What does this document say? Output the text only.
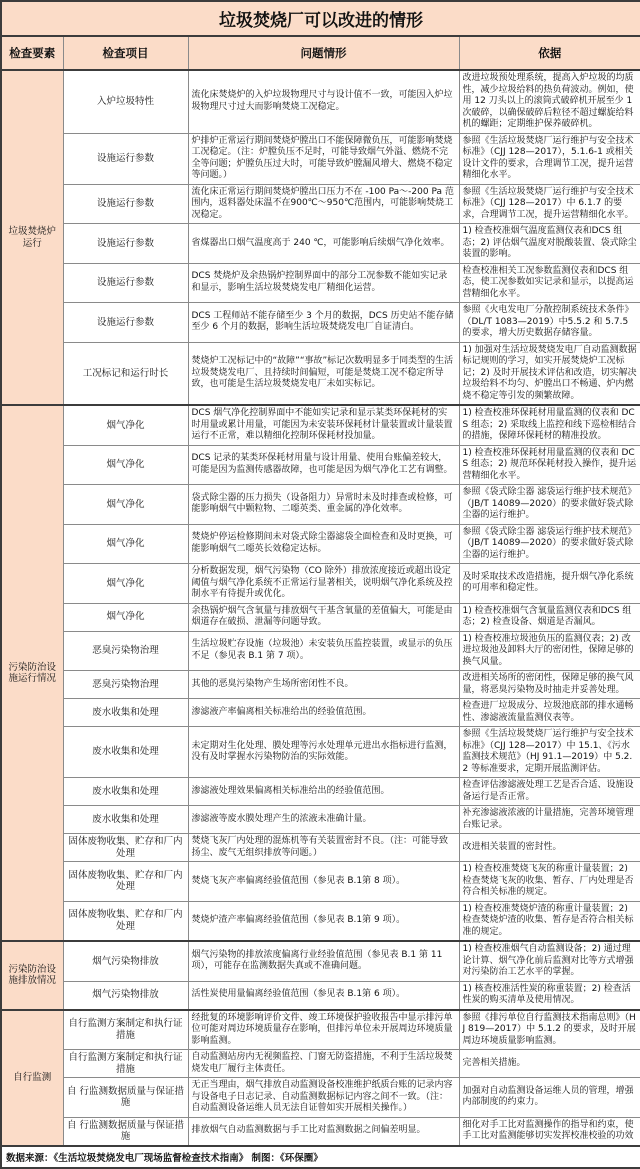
垃圾焚烧厂可以改进的情形			
检查要素	检查项目	问题情形	依据
垃圾焚烧炉运行	入炉垃圾特性	流化床焚烧炉的入炉垃圾物理尺寸与设计值不一致，可能因入炉垃圾物理尺寸过大而影响焚烧工况稳定。	改进垃圾预处理系统，提高入炉垃圾的均质性，减少垃圾给料的热负荷波动。例如，使用 12 刀头以上的滚筒式破碎机开展至少 1 次破碎，以确保破碎后粒径不超过螺旋给料机的螺距；定期维护保养破碎机。
	设施运行参数	炉排炉正常运行期间焚烧炉膛出口不能保障微负压，可能影响焚烧工况稳定。（注：炉膛负压不足时，可能导致烟气外溢、燃烧不完全等问题；炉膛负压过大时，可能导致炉膛漏风增大、燃烧不稳定等问题。）	参照《生活垃圾焚烧厂运行维护与安全技术标准》（CJJ 128—2017），5.1.6-1 或相关设计文件的要求，合理调节工况，提升运营精细化水平。
	设施运行参数	流化床正常运行期间焚烧炉膛出口压力不在 -100 Pa～-200 Pa 范围内，返料器处床温不在900℃～950℃范围内，可能影响焚烧工况稳定。	参照《生活垃圾焚烧厂运行维护与安全技术标准》（CJJ 128—2017）中 6.1.7 的要求，合理调节工况，提升运营精细化水平。
	设施运行参数	省煤器出口烟气温度高于 240 ℃，可能影响后续烟气净化效率。	1) 检查校准烟气温度监测仪表和DCS 组态；2) 评估烟气温度对脱酸装置、袋式除尘装置的影响。
	设施运行参数	DCS 焚烧炉及余热锅炉控制界面中的部分工况参数不能如实记录和显示，影响生活垃圾焚烧发电厂精细化运营。	检查校准相关工况参数监测仪表和DCS 组态，使工况参数如实记录和显示，以提高运营精细化水平。
	设施运行参数	DCS 工程师站不能存储至少 3 个月的数据，DCS 历史站不能存储至少 6 个月的数据，影响生活垃圾焚烧发电厂自证清白。	参照《火电发电厂分散控制系统技术条件》（DL/T 1083—2019）中5.5.2 和 5.7.5 的要求，增大历史数据存储容量。
	工况标记和运行时长	焚烧炉工况标记中的“故障”“事故”标记次数明显多于同类型的生活垃圾焚烧发电厂、且持续时间偏短，可能是焚烧工况不稳定所导致，也可能是生活垃圾焚烧发电厂未如实标记。	1) 加强对生活垃圾焚烧发电厂自动监测数据标记规则的学习，如实开展焚烧炉工况标记；2) 及时开展技术评估和改造，切实解决垃圾给料不均匀、炉膛出口不畅通、炉内燃烧不稳定等引发的频繁故障。
污染防治设施运行情况	烟气净化	DCS 烟气净化控制界面中不能如实记录和显示某类环保耗材的实时用量或累计用量，可能因为未安装环保耗材计量装置或计量装置运行不正常，难以精细化控制环保耗材投加量。	1) 检查校准环保耗材用量监测的仪表和 DCS 组态；2) 采取线上监控和线下巡检相结合的措施，保障环保耗材的精准投放。
	烟气净化	DCS 记录的某类环保耗材用量与设计用量、使用台账偏差较大，可能是因为监测传感器故障，也可能是因为烟气净化工艺有调整。	1) 检查校准环保耗材用量监测的仪表和 DCS 组态；2) 规范环保耗材投入操作，提升运营精细化水平。
	烟气净化	袋式除尘器的压力损失（设备阻力）异常时未及时排查或检修，可能影响烟气中颗粒物、二噁英类、重金属的净化效率。	参照《袋式除尘器 滤袋运行维护技术规范》（JB/T 14089—2020）的要求做好袋式除尘器的运行维护。
	烟气净化	焚烧炉停运检修期间未对袋式除尘器滤袋全面检查和及时更换，可能影响烟气二噁英长效稳定达标。	参照《袋式除尘器 滤袋运行维护技术规范》（JB/T 14089—2020）的要求做好袋式除尘器的运行维护。
	烟气净化	分析数据发现，烟气污染物（CO 除外）排放浓度接近或超出设定阈值与烟气净化系统不正常运行显著相关，说明烟气净化系统及控制水平有待提升或优化。	及时采取技术改造措施，提升烟气净化系统的可用率和稳定性。
	烟气净化	余热锅炉烟气含氧量与排放烟气干基含氧量的差值偏大，可能是由烟道存在破损、泄漏等问题导致。	1) 检查校准烟气含氧量监测仪表和DCS 组态；2) 检查设备、烟道是否漏风。
	恶臭污染物治理	生活垃圾贮存设施（垃圾池）未安装负压监控装置，或显示的负压不足（参见表 B.1 第 7 项）。	1) 检查校准垃圾池负压的监测仪表；2) 改进垃圾池及卸料大厅的密闭性，保障足够的换气风量。
	恶臭污染物治理	其他的恶臭污染物产生场所密闭性不良。	改进相关场所的密闭性，保障足够的换气风量，将恶臭污染物及时抽走并妥善处理。
	废水收集和处理	渗滤液产率偏离相关标准给出的经验值范围。	检查进厂垃圾成分、垃圾池底部的排水通畅性、渗滤液流量监测仪表等。
	废水收集和处理	未定期对生化处理、膜处理等污水处理单元进出水指标进行监测，没有及时掌握水污染物防治的实际效能。	参照《生活垃圾焚烧厂运行维护与安全技术标准》（CJJ 128—2017）中 15.1、《污水监测技术规范》（HJ 91.1—2019）中 5.2.2 等标准要求，定期开展监测评估。
	废水收集和处理	渗滤液处理效果偏离相关标准给出的经验值范围。	检查评估渗滤液处理工艺是否合适、设施设备运行是否正常。
	废水收集和处理	渗滤液等废水膜处理产生的浓液未准确计量。	补充渗滤液浓液的计量措施，完善环境管理台账记录。
	固体废物收集、贮存和厂内处理	焚烧飞灰厂内处理的混炼机等有关装置密封不良。（注：可能导致扬尘、废气无组织排放等问题。）	改进相关装置的密封性。
	固体废物收集、贮存和厂内处理	焚烧飞灰产率偏离经验值范围（参见表 B.1第 8 项）。	1) 检查校准焚烧飞灰的称重计量装置；2) 检查焚烧飞灰的收集、暂存、厂内处理是否符合相关标准的规定。
	固体废物收集、贮存和厂内处理	焚烧炉渣产率偏离经验值范围（参见表 B.1第 9 项）。	1) 检查校准焚烧炉渣的称重计量装置；2) 检查焚烧炉渣的收集、暂存是否符合相关标准的规定。
污染防治设施排放情况	烟气污染物排放	烟气污染物的排放浓度偏离行业经验值范围（参见表 B.1 第 11 项），可能存在监测数据失真或不准确问题。	1) 检查校准烟气自动监测设备；2) 通过理论计算、烟气净化前后监测对比等方式增强对污染防治工艺水平的掌握。
	烟气污染物排放	活性炭使用量偏离经验值范围（参见表 B.1第 6 项）。	1) 核查校准活性炭的称重装置；2) 检查活性炭的购买清单及使用情况。
自行监测	自行监测方案制定和执行证措施	经批复的环境影响评价文件、竣工环境保护验收报告中显示排污单位可能对周边环境质量存在影响，但排污单位未开展周边环境质量影响监测。	参照《排污单位自行监测技术指南总则》（HJ 819—2017）中 5.1.2 的要求，及时开展周边环境质量影响监测。
	自行监测方案制定和执行证措施	自动监测站房内无视频监控、门窗无防盗措施，不利于生活垃圾焚烧发电厂履行主体责任。	完善相关措施。
	自 行监测数据质量与保证措施	无正当理由，烟气排放自动监测设备校准维护纸质台账的记录内容与设备电子日志记录、自动监测数据标记内容之间不一致。（注：自动监测设备运维人员无法自证曾如实开展相关操作。）	加强对自动监测设备运维人员的管理，增强内部制度的约束力。
	自 行监测数据质量与保证措施	排放烟气自动监测数据与手工比对监测数据之间偏差明显。	细化对手工比对监测操作的指导和约束，使手工比对监测能够切实发挥校准校验的功效
数据来源：《生活垃圾焚烧发电厂现场监督检查技术指南》 制图：《环保圈》			
